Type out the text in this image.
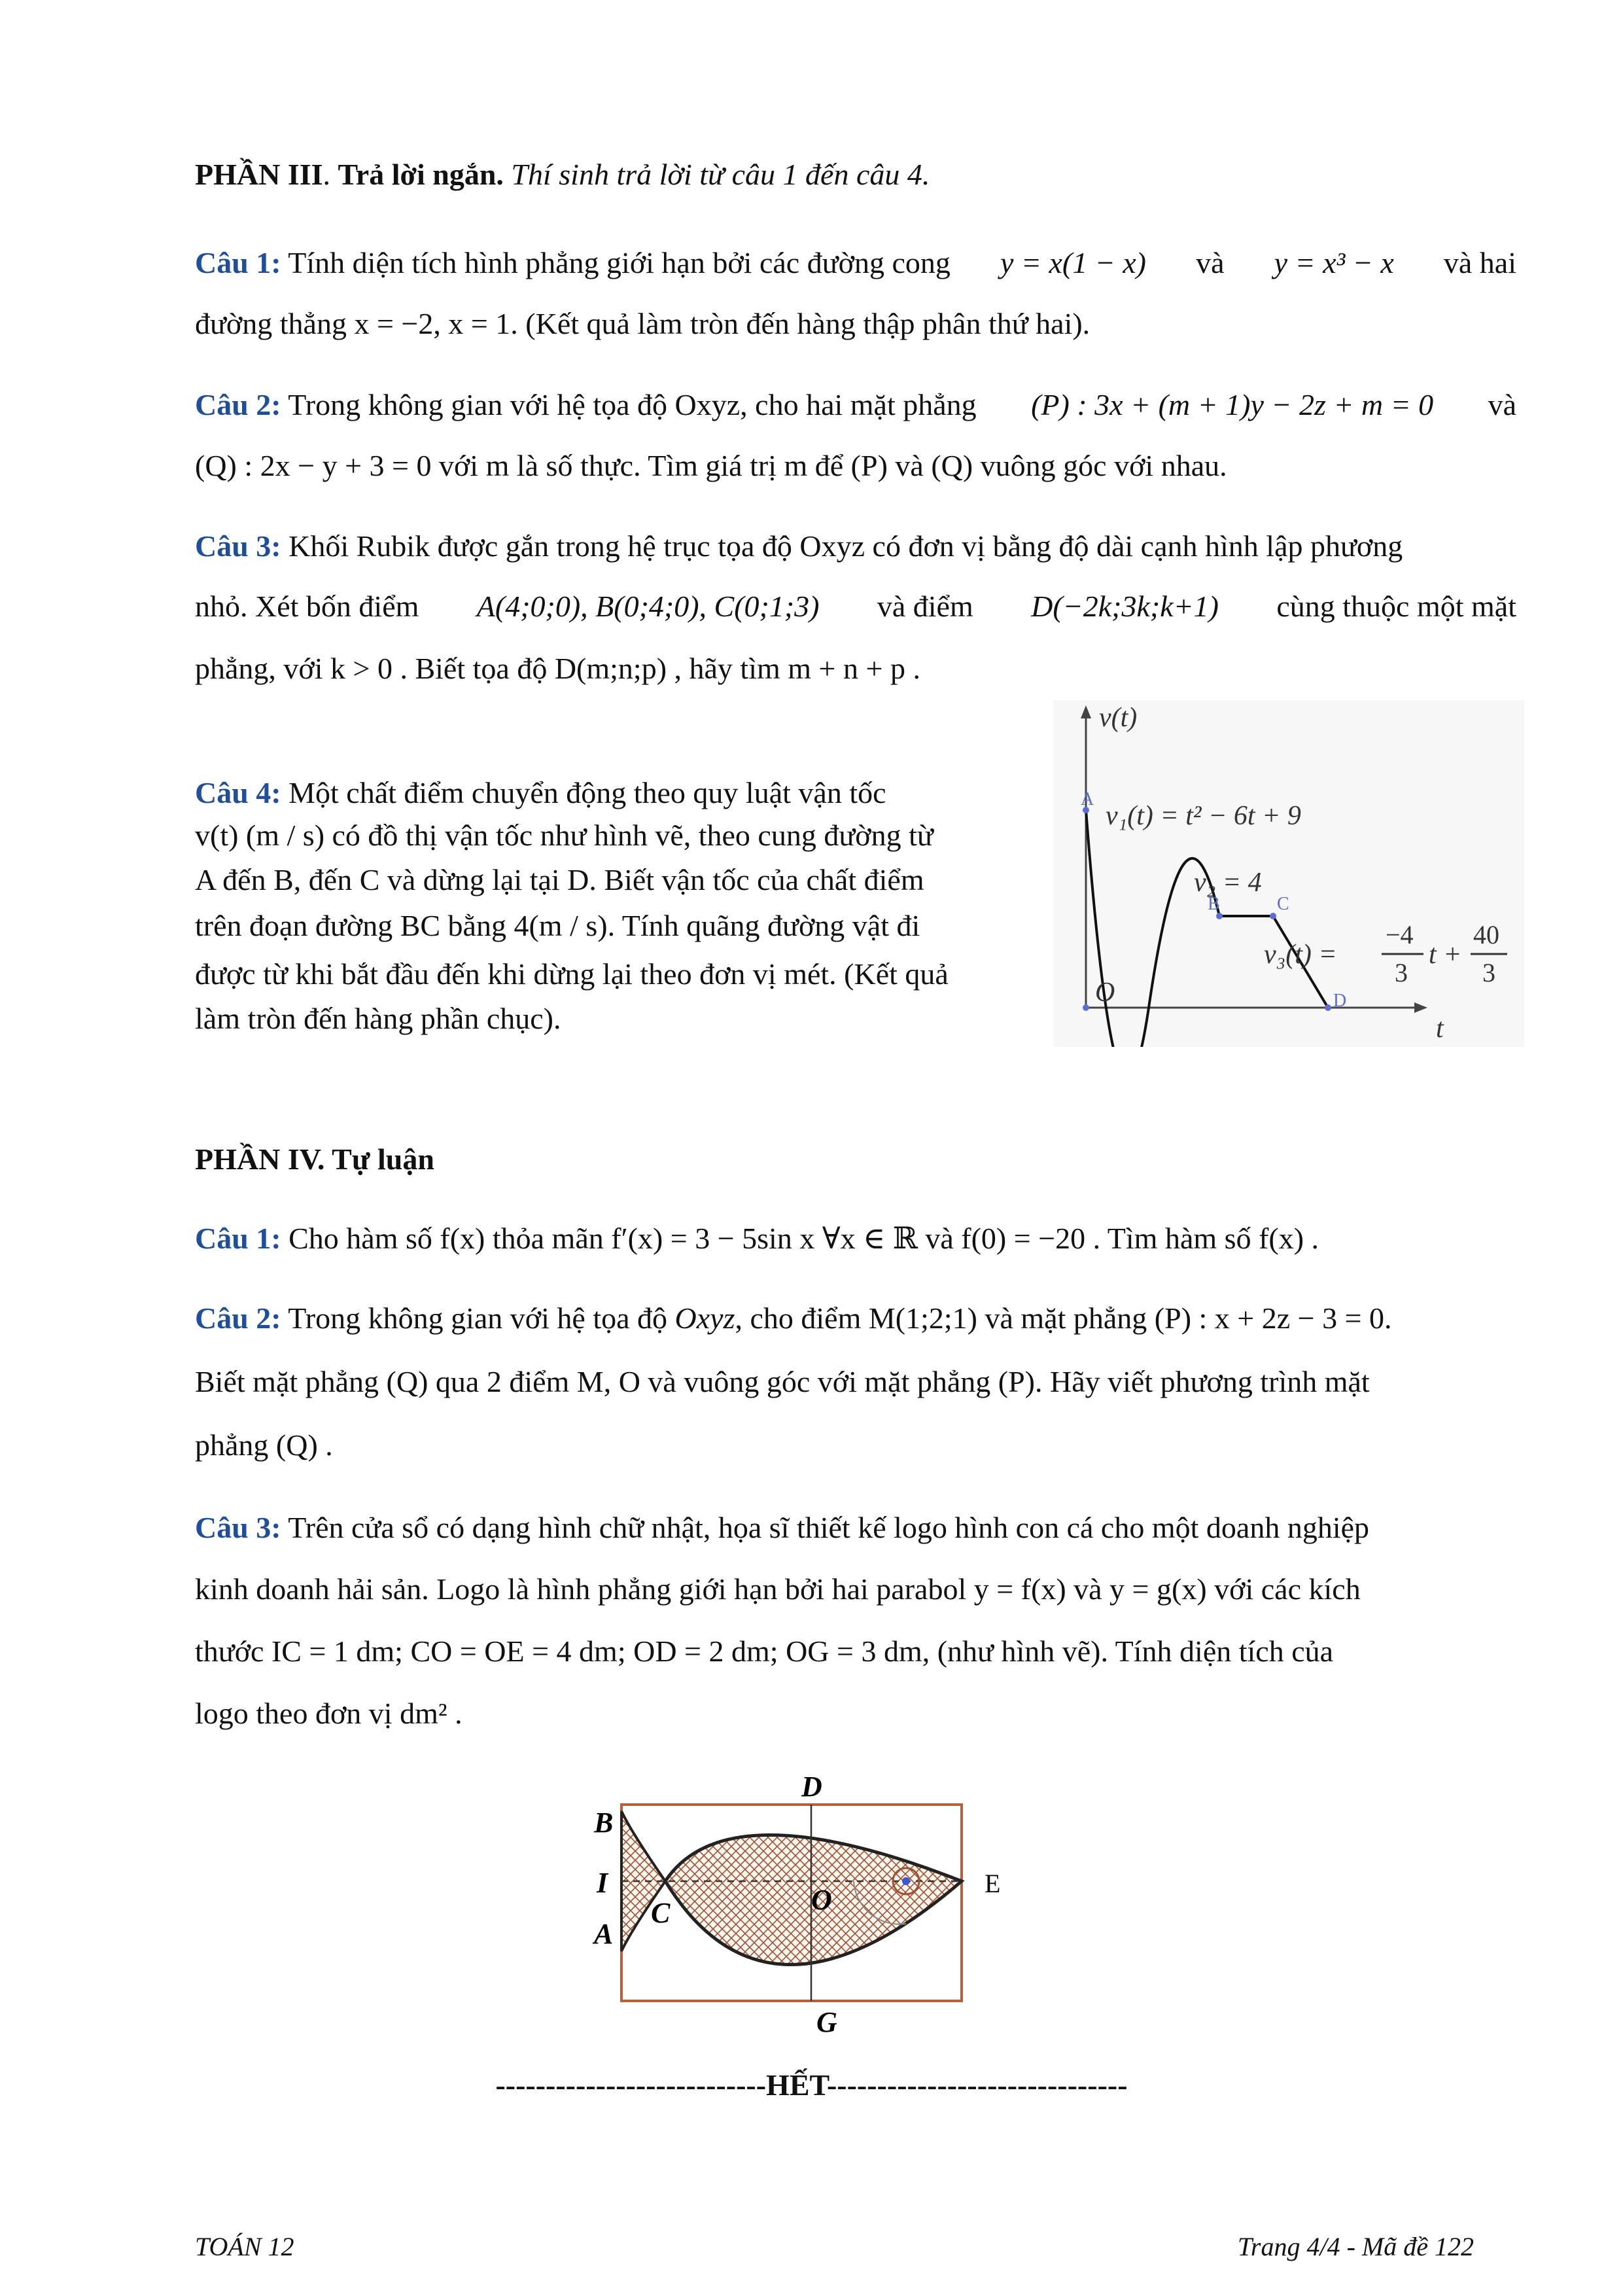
PHẦN III. Trả lời ngắn. Thí sinh trả lời từ câu 1 đến câu 4.
Câu 1: Tính diện tích hình phẳng giới hạn bởi các đường cong y = x(1 − x) và y = x³ − x và hai
đường thẳng x = −2, x = 1. (Kết quả làm tròn đến hàng thập phân thứ hai).
Câu 2: Trong không gian với hệ tọa độ Oxyz, cho hai mặt phẳng (P) : 3x + (m + 1)y − 2z + m = 0 và
(Q) : 2x − y + 3 = 0 với m là số thực. Tìm giá trị m để (P) và (Q) vuông góc với nhau.
Câu 3: Khối Rubik được gắn trong hệ trục tọa độ Oxyz có đơn vị bằng độ dài cạnh hình lập phương
nhỏ. Xét bốn điểm A(4;0;0), B(0;4;0), C(0;1;3) và điểm D(−2k;3k;k+1) cùng thuộc một mặt
phẳng, với k > 0 . Biết tọa độ D(m;n;p) , hãy tìm m + n + p .
Câu 4: Một chất điểm chuyển động theo quy luật vận tốc
v(t) (m / s) có đồ thị vận tốc như hình vẽ, theo cung đường từ
A đến B, đến C và dừng lại tại D. Biết vận tốc của chất điểm
trên đoạn đường BC bằng 4(m / s). Tính quãng đường vật đi
được từ khi bắt đầu đến khi dừng lại theo đơn vị mét. (Kết quả
làm tròn đến hàng phần chục).
v(t)
t
O
A
B	C
D
v₁(t) = t² − 6t + 9
v₂ = 4
v₃(t) =
−4
3
t +
40
3
PHẦN IV. Tự luận
Câu 1: Cho hàm số f(x) thỏa mãn f′(x) = 3 − 5sin x ∀x ∈ ℝ và f(0) = −20 . Tìm hàm số f(x) .
Câu 2: Trong không gian với hệ tọa độ Oxyz, cho điểm M(1;2;1) và mặt phẳng (P) : x + 2z − 3 = 0.
Biết mặt phẳng (Q) qua 2 điểm M, O và vuông góc với mặt phẳng (P). Hãy viết phương trình mặt
phẳng (Q) .
Câu 3: Trên cửa sổ có dạng hình chữ nhật, họa sĩ thiết kế logo hình con cá cho một doanh nghiệp
kinh doanh hải sản. Logo là hình phẳng giới hạn bởi hai parabol y = f(x) và y = g(x) với các kích
thước IC = 1 dm; CO = OE = 4 dm; OD = 2 dm; OG = 3 dm, (như hình vẽ). Tính diện tích của
logo theo đơn vị dm² .
D
B
I
A
C	O
E
G
---------------------------HẾT------------------------------
TOÁN 12	Trang 4/4 - Mã đề 122
